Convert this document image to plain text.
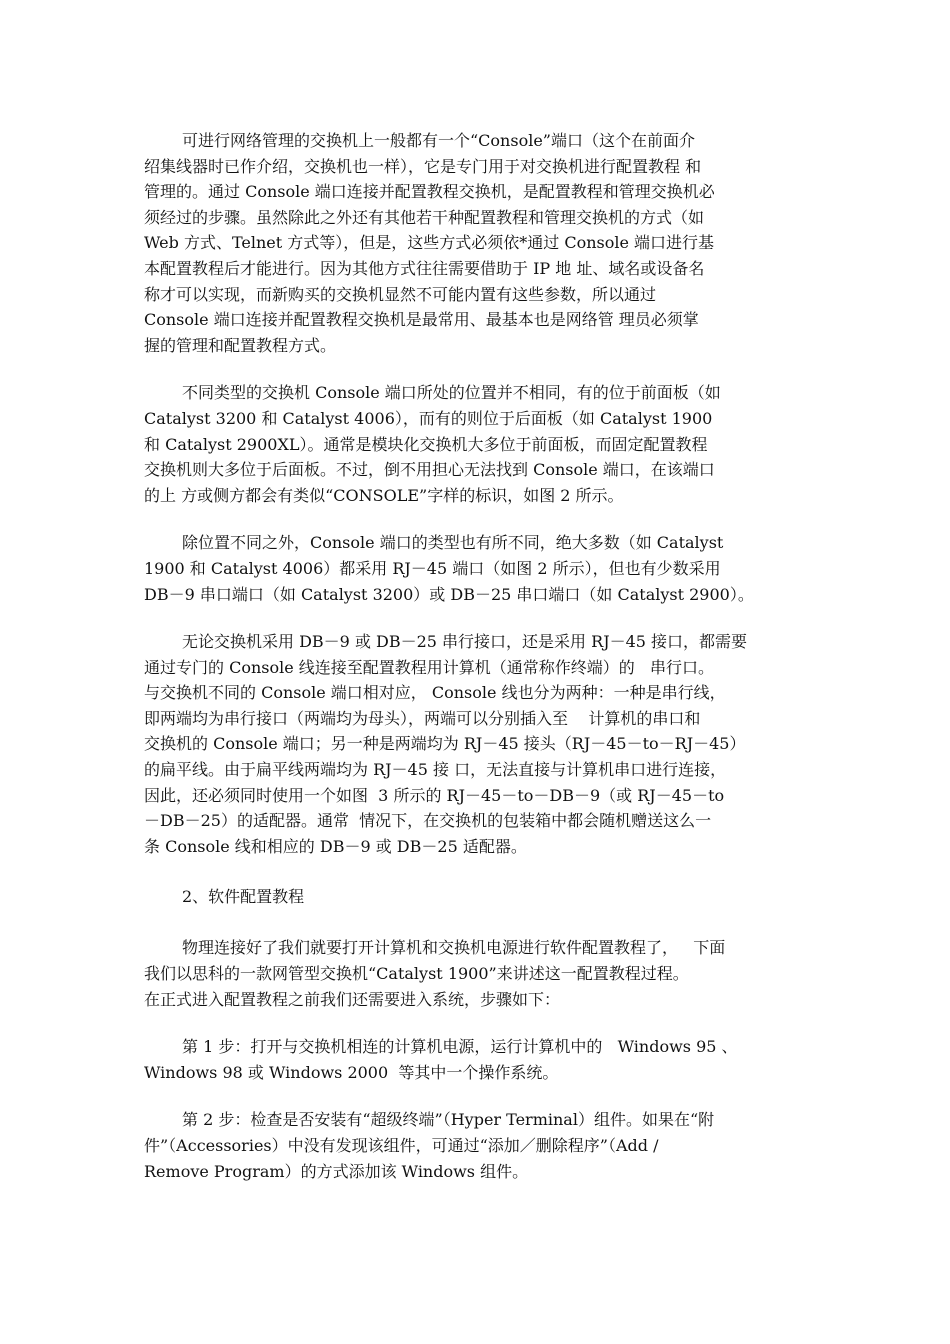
可进行网络管理的交换机上一般都有一个“Console”端口（这个在前面介
绍集线器时已作介绍，交换机也一样），它是专门用于对交换机进行配置教程 和
管理的。通过 Console 端口连接并配置教程交换机，是配置教程和管理交换机必
须经过的步骤。虽然除此之外还有其他若干种配置教程和管理交换机的方式（如
Web 方式、Telnet 方式等），但是，这些方式必须依*通过 Console 端口进行基
本配置教程后才能进行。因为其他方式往往需要借助于 IP 地 址、域名或设备名
称才可以实现，而新购买的交换机显然不可能内置有这些参数，所以通过
Console 端口连接并配置教程交换机是最常用、最基本也是网络管 理员必须掌
握的管理和配置教程方式。
不同类型的交换机 Console 端口所处的位置并不相同，有的位于前面板（如
Catalyst 3200 和 Catalyst 4006），而有的则位于后面板（如 Catalyst 1900
和 Catalyst 2900XL）。通常是模块化交换机大多位于前面板，而固定配置教程
交换机则大多位于后面板。不过，倒不用担心无法找到 Console 端口，在该端口
的上 方或侧方都会有类似“CONSOLE”字样的标识，如图 2 所示。
除位置不同之外，Console 端口的类型也有所不同，绝大多数（如 Catalyst
1900 和 Catalyst 4006）都采用 RJ－45 端口（如图 2 所示），但也有少数采用
DB－9 串口端口（如 Catalyst 3200）或 DB－25 串口端口（如 Catalyst 2900）。
无论交换机采用 DB－9 或 DB－25 串行接口，还是采用 RJ－45 接口，都需要
通过专门的 Console 线连接至配置教程用计算机（通常称作终端）的   串行口。
与交换机不同的 Console 端口相对应， Console 线也分为两种：一种是串行线，
即两端均为串行接口（两端均为母头），两端可以分别插入至    计算机的串口和
交换机的 Console 端口；另一种是两端均为 RJ－45 接头（RJ－45－to－RJ－45）
的扁平线。由于扁平线两端均为 RJ－45 接 口，无法直接与计算机串口进行连接，
因此，还必须同时使用一个如图  3 所示的 RJ－45－to－DB－9（或 RJ－45－to
－DB－25）的适配器。通常  情况下，在交换机的包装箱中都会随机赠送这么一
条 Console 线和相应的 DB－9 或 DB－25 适配器。
2、软件配置教程
物理连接好了我们就要打开计算机和交换机电源进行软件配置教程了，   下面
我们以思科的一款网管型交换机“Catalyst 1900”来讲述这一配置教程过程。
在正式进入配置教程之前我们还需要进入系统，步骤如下：
第 1 步：打开与交换机相连的计算机电源，运行计算机中的   Windows 95 、
Windows 98 或 Windows 2000  等其中一个操作系统。
第 2 步：检查是否安装有“超级终端”（Hyper Terminal）组件。如果在“附
件”（Accessories）中没有发现该组件，可通过“添加／删除程序”（Add /
Remove Program）的方式添加该 Windows 组件。
